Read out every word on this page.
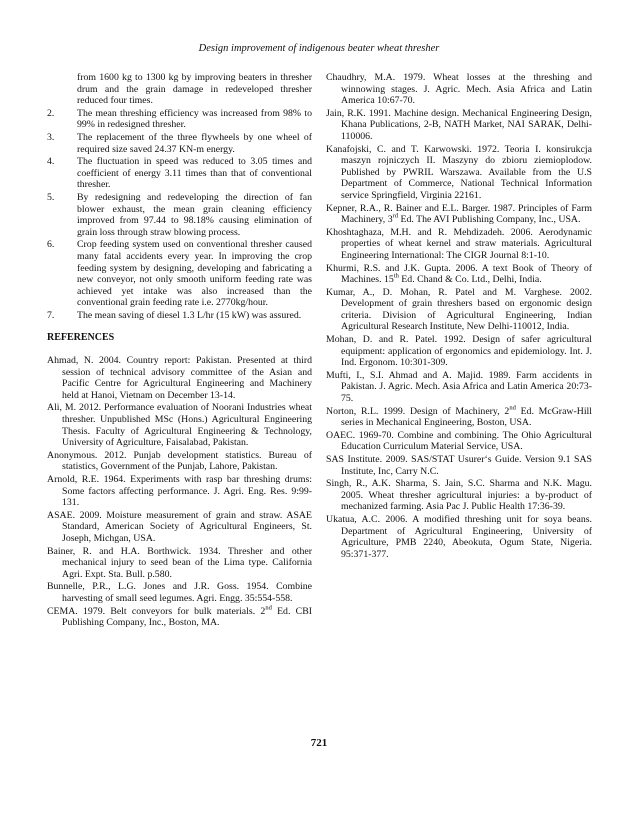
Design improvement of indigenous beater wheat thresher

from 1600 kg to 1300 kg by improving beaters in thresher drum and the grain damage in redeveloped thresher reduced four times.

2.	The mean threshing efficiency was increased from 98% to 99% in redesigned thresher.
3.	The replacement of the three flywheels by one wheel of required size saved 24.37 KN-m energy.
4.	The fluctuation in speed was reduced to 3.05 times and coefficient of energy 3.11 times than that of conventional thresher.
5.	By redesigning and redeveloping the direction of fan blower exhaust, the mean grain cleaning efficiency improved from 97.44 to 98.18% causing elimination of grain loss through straw blowing process.
6.	Crop feeding system used on conventional thresher caused many fatal accidents every year. In improving the crop feeding system by designing, developing and fabricating a new conveyor, not only smooth uniform feeding rate was achieved yet intake was also increased than the conventional grain feeding rate i.e. 2770kg/hour.
7.	The mean saving of diesel 1.3 L/hr (15 kW) was assured.
REFERENCES

Ahmad, N. 2004. Country report: Pakistan. Presented at third session of technical advisory committee of the Asian and Pacific Centre for Agricultural Engineering and Machinery held at Hanoi, Vietnam on December 13-14.

Ali, M. 2012. Performance evaluation of Noorani Industries wheat thresher. Unpublished MSc (Hons.) Agricultural Engineering Thesis. Faculty of Agricultural Engineering & Technology, University of Agriculture, Faisalabad, Pakistan.

Anonymous. 2012. Punjab development statistics. Bureau of statistics, Government of the Punjab, Lahore, Pakistan.

Arnold, R.E. 1964. Experiments with rasp bar threshing drums: Some factors affecting performance. J. Agri. Eng. Res. 9:99-131.

ASAE. 2009. Moisture measurement of grain and straw. ASAE Standard, American Society of Agricultural Engineers, St. Joseph, Michgan, USA.

Bainer, R. and H.A. Borthwick. 1934. Thresher and other mechanical injury to seed bean of the Lima type. California Agri. Expt. Sta. Bull. p.580.

Bunnelle, P.R., L.G. Jones and J.R. Goss. 1954. Combine harvesting of small seed legumes. Agri. Engg. 35:554-558.

CEMA. 1979. Belt conveyors for bulk materials. 2nd Ed. CBI Publishing Company, Inc., Boston, MA.

Chaudhry, M.A. 1979. Wheat losses at the threshing and winnowing stages. J. Agric. Mech. Asia Africa and Latin America 10:67-70.

Jain, R.K. 1991. Machine design. Mechanical Engineering Design, Khana Publications, 2-B, NATH Market, NAI SARAK, Delhi-110006.

Kanafojski, C. and T. Karwowski. 1972. Teoria I. konsirukcja maszyn rojniczych II. Maszyny do zbioru ziemioplodow. Published by PWRIL Warszawa. Available from the U.S Department of Commerce, National Technical Information service Springfield, Virginia 22161.

Kepner, R.A., R. Bainer and E.L. Barger. 1987. Principles of Farm Machinery, 3rd Ed. The AVI Publishing Company, Inc., USA.

Khoshtaghaza, M.H. and R. Mehdizadeh. 2006. Aerodynamic properties of wheat kernel and straw materials. Agricultural Engineering International: The CIGR Journal 8:1-10.

Khurmi, R.S. and J.K. Gupta. 2006. A text Book of Theory of Machines. 15th Ed. Chand & Co. Ltd., Delhi, India.

Kumar, A., D. Mohan, R. Patel and M. Varghese. 2002. Development of grain threshers based on ergonomic design criteria. Division of Agricultural Engineering, Indian Agricultural Research Institute, New Delhi-110012, India.

Mohan, D. and R. Patel. 1992. Design of safer agricultural equipment: application of ergonomics and epidemiology. Int. J. Ind. Ergonom. 10:301-309.

Mufti, I., S.I. Ahmad and A. Majid. 1989. Farm accidents in Pakistan. J. Agric. Mech. Asia Africa and Latin America 20:73-75.

Norton, R.L. 1999. Design of Machinery, 2nd Ed. McGraw-Hill series in Mechanical Engineering, Boston, USA.

OAEC. 1969-70. Combine and combining. The Ohio Agricultural Education Curriculum Material Service, USA.

SAS Institute. 2009. SAS/STAT Usurer‘s Guide. Version 9.1 SAS Institute, Inc, Carry N.C.

Singh, R., A.K. Sharma, S. Jain, S.C. Sharma and N.K. Magu. 2005. Wheat thresher agricultural injuries: a by-product of mechanized farming. Asia Pac J. Public Health 17:36-39.

Ukatua, A.C. 2006. A modified threshing unit for soya beans. Department of Agricultural Engineering, University of Agriculture, PMB 2240, Abeokuta, Ogum State, Nigeria. 95:371-377.

721
